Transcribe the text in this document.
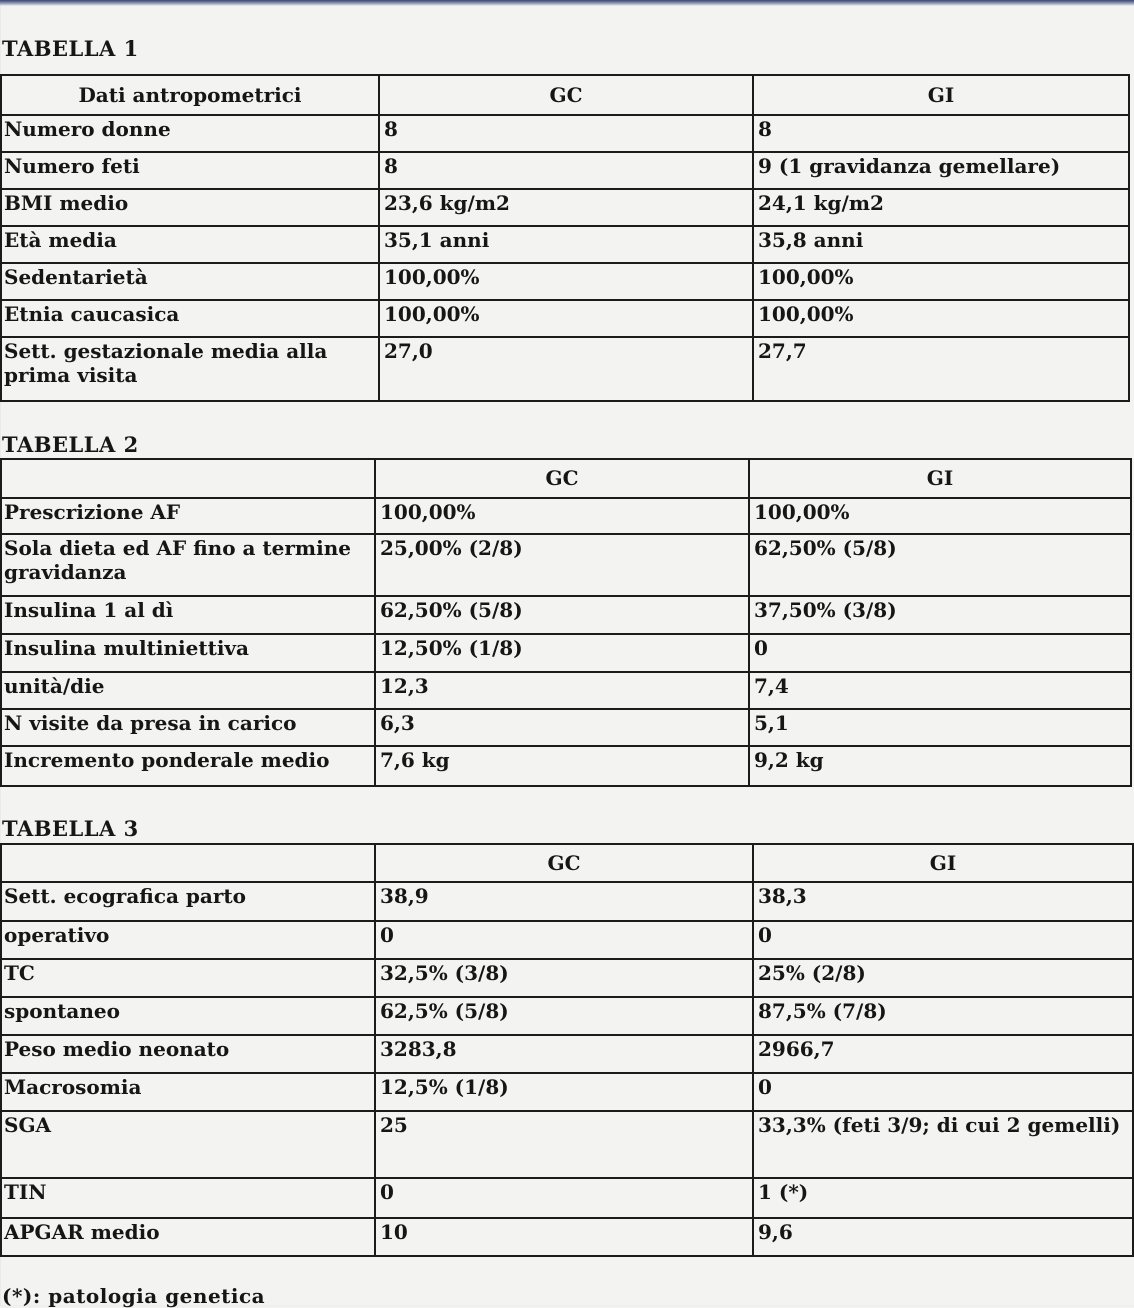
TABELLA 1
Dati antropometrici	GC	GI
Numero donne	8	8
Numero feti	8	9 (1 gravidanza gemellare)
BMI medio	23,6 kg/m2	24,1 kg/m2
Età media	35,1 anni	35,8 anni
Sedentarietà	100,00%	100,00%
Etnia caucasica	100,00%	100,00%
Sett. gestazionale media alla prima visita	27,0	27,7
TABELLA 2
	GC	GI
Prescrizione AF	100,00%	100,00%
Sola dieta ed AF fino a termine gravidanza	25,00% (2/8)	62,50% (5/8)
Insulina 1 al dì	62,50% (5/8)	37,50% (3/8)
Insulina multiniettiva	12,50% (1/8)	0
unità/die	12,3	7,4
N visite da presa in carico	6,3	5,1
Incremento ponderale medio	7,6 kg	9,2 kg
TABELLA 3
	GC	GI
Sett. ecografica parto	38,9	38,3
operativo	0	0
TC	32,5% (3/8)	25% (2/8)
spontaneo	62,5% (5/8)	87,5% (7/8)
Peso medio neonato	3283,8	2966,7
Macrosomia	12,5% (1/8)	0
SGA	25	33,3% (feti 3/9; di cui 2 gemelli)
TIN	0	1 (*)
APGAR medio	10	9,6
(*): patologia genetica
